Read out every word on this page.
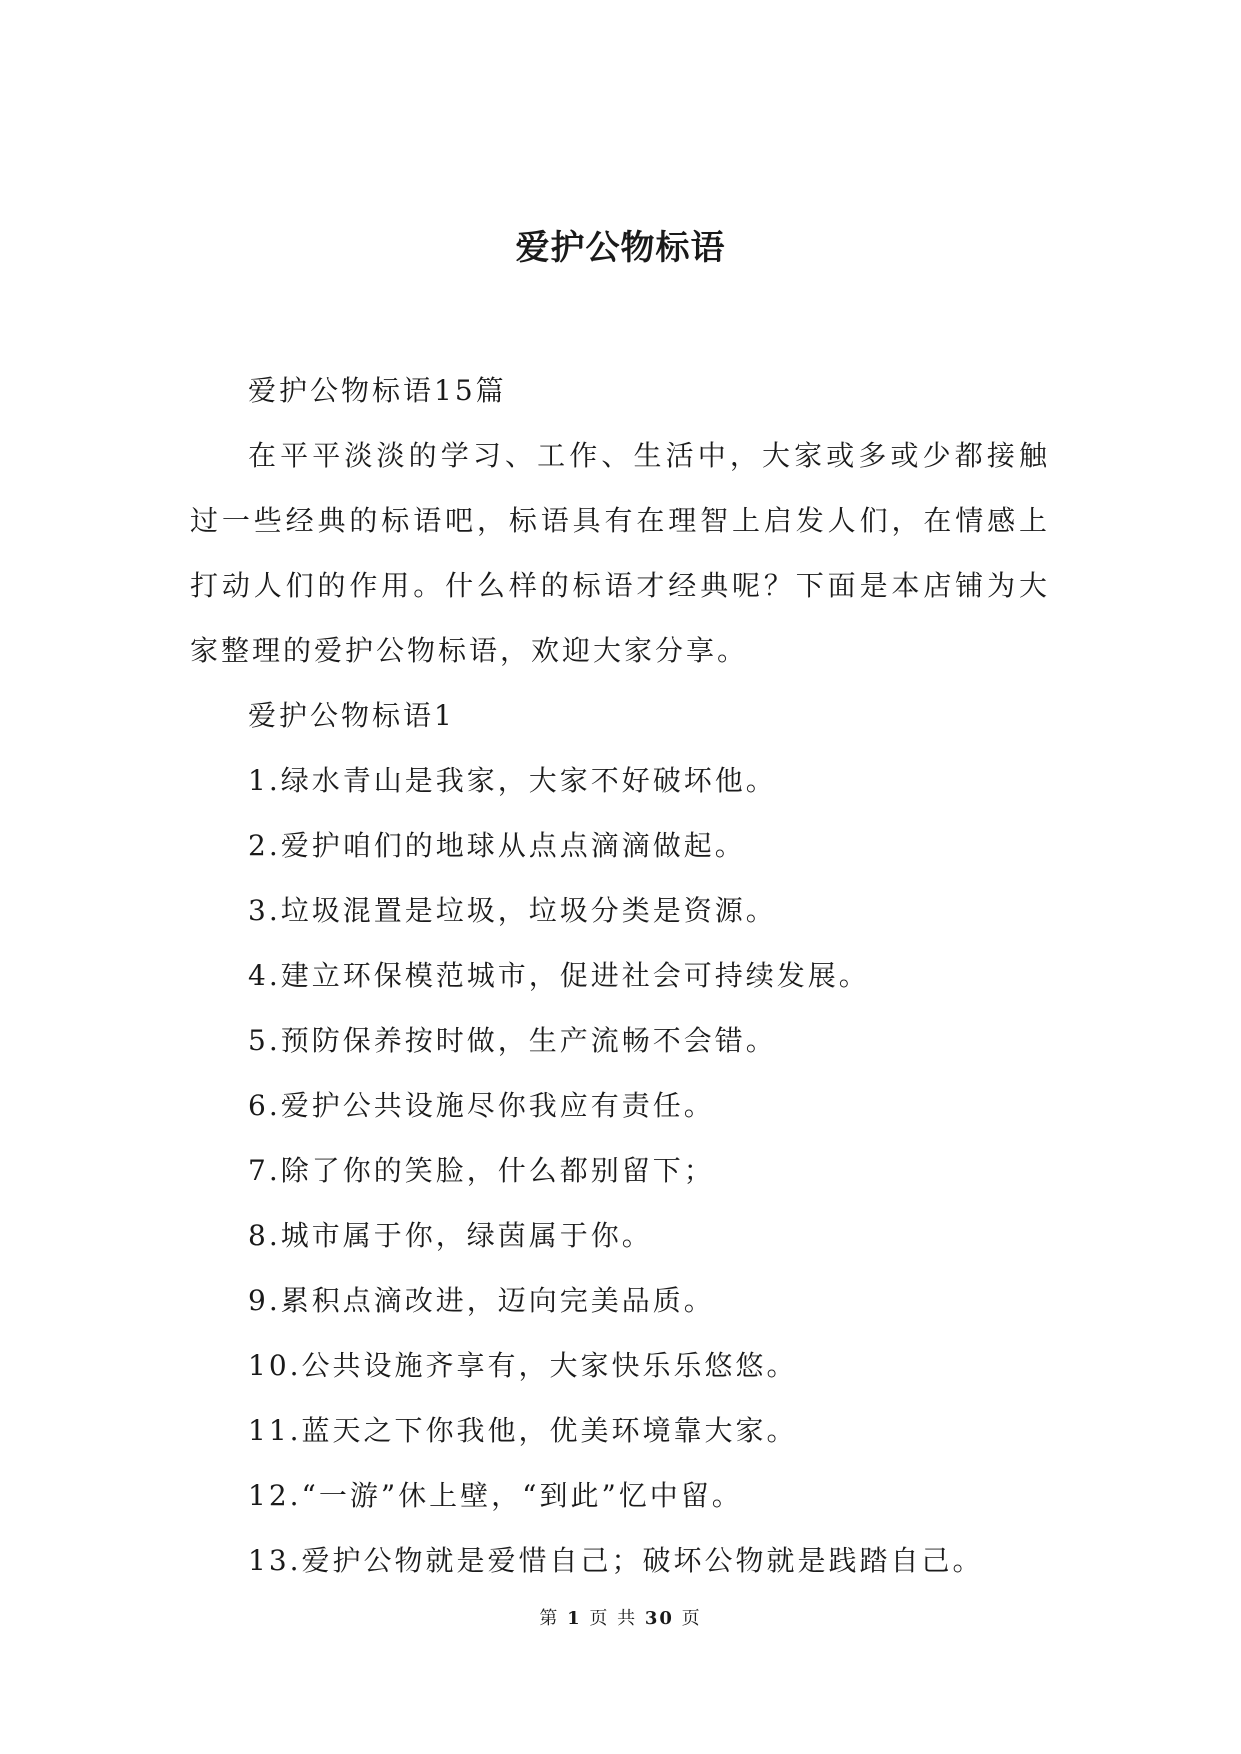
爱护公物标语

爱护公物标语15篇

在平平淡淡的学习、工作、生活中，大家或多或少都接触过一些经典的标语吧，标语具有在理智上启发人们，在情感上打动人们的作用。什么样的标语才经典呢？下面是本店铺为大家整理的爱护公物标语，欢迎大家分享。

爱护公物标语1

1.绿水青山是我家，大家不好破坏他。

2.爱护咱们的地球从点点滴滴做起。

3.垃圾混置是垃圾，垃圾分类是资源。

4.建立环保模范城市，促进社会可持续发展。

5.预防保养按时做，生产流畅不会错。

6.爱护公共设施尽你我应有责任。

7.除了你的笑脸，什么都别留下；

8.城市属于你，绿茵属于你。

9.累积点滴改进，迈向完美品质。

10.公共设施齐享有，大家快乐乐悠悠。

11.蓝天之下你我他，优美环境靠大家。

12.“一游”休上壁，“到此”忆中留。

13.爱护公物就是爱惜自己；破坏公物就是践踏自己。

第 1 页 共 30 页
